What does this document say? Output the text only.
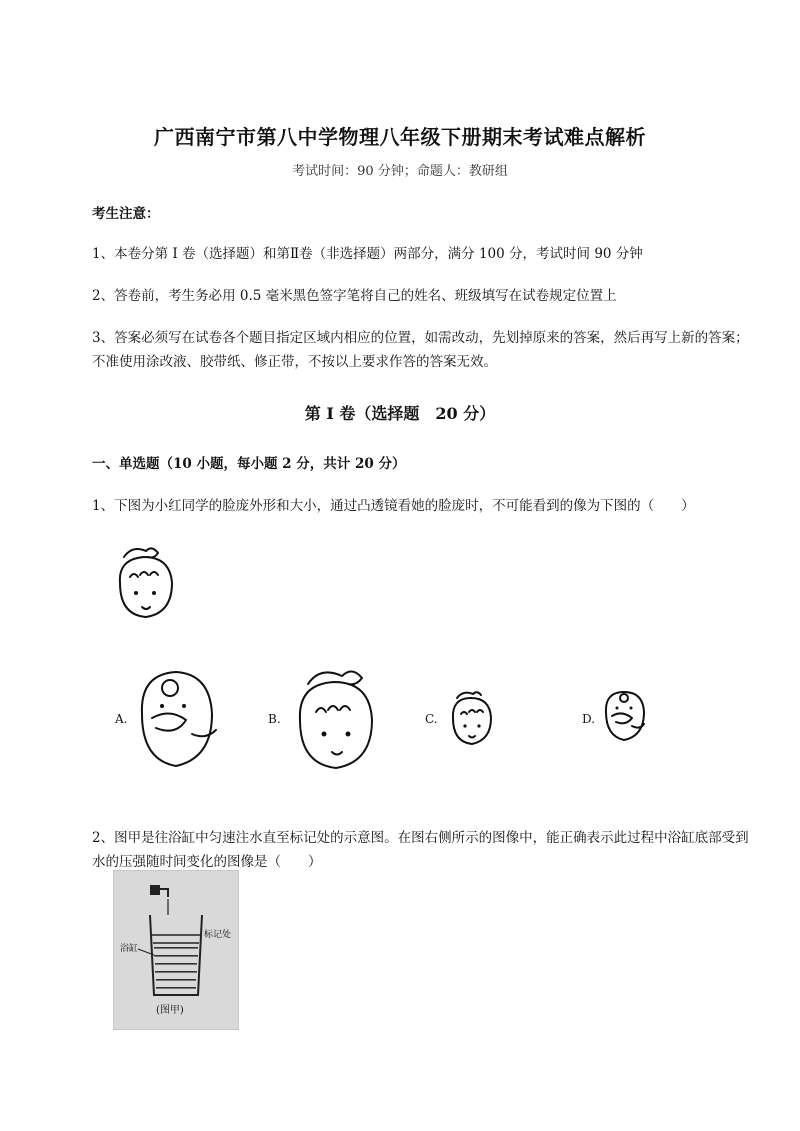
广西南宁市第八中学物理八年级下册期末考试难点解析
考试时间：90 分钟；命题人：教研组
考生注意：
1、本卷分第 I 卷（选择题）和第Ⅱ卷（非选择题）两部分，满分 100 分，考试时间 90 分钟
2、答卷前，考生务必用 0.5 毫米黑色签字笔将自己的姓名、班级填写在试卷规定位置上
3、答案必须写在试卷各个题目指定区域内相应的位置，如需改动，先划掉原来的答案，然后再写上新的答案；不准使用涂改液、胶带纸、修正带，不按以上要求作答的答案无效。
第 I 卷（选择题　20 分）
一、单选题（10 小题，每小题 2 分，共计 20 分）
1、下图为小红同学的脸庞外形和大小，通过凸透镜看她的脸庞时，不可能看到的像为下图的（　　）
A.	B.	C.	D.
2、图甲是往浴缸中匀速注水直至标记处的示意图。在图右侧所示的图像中，能正确表示此过程中浴缸底部受到水的压强随时间变化的图像是（　　）
浴缸
标记处
(图甲)
